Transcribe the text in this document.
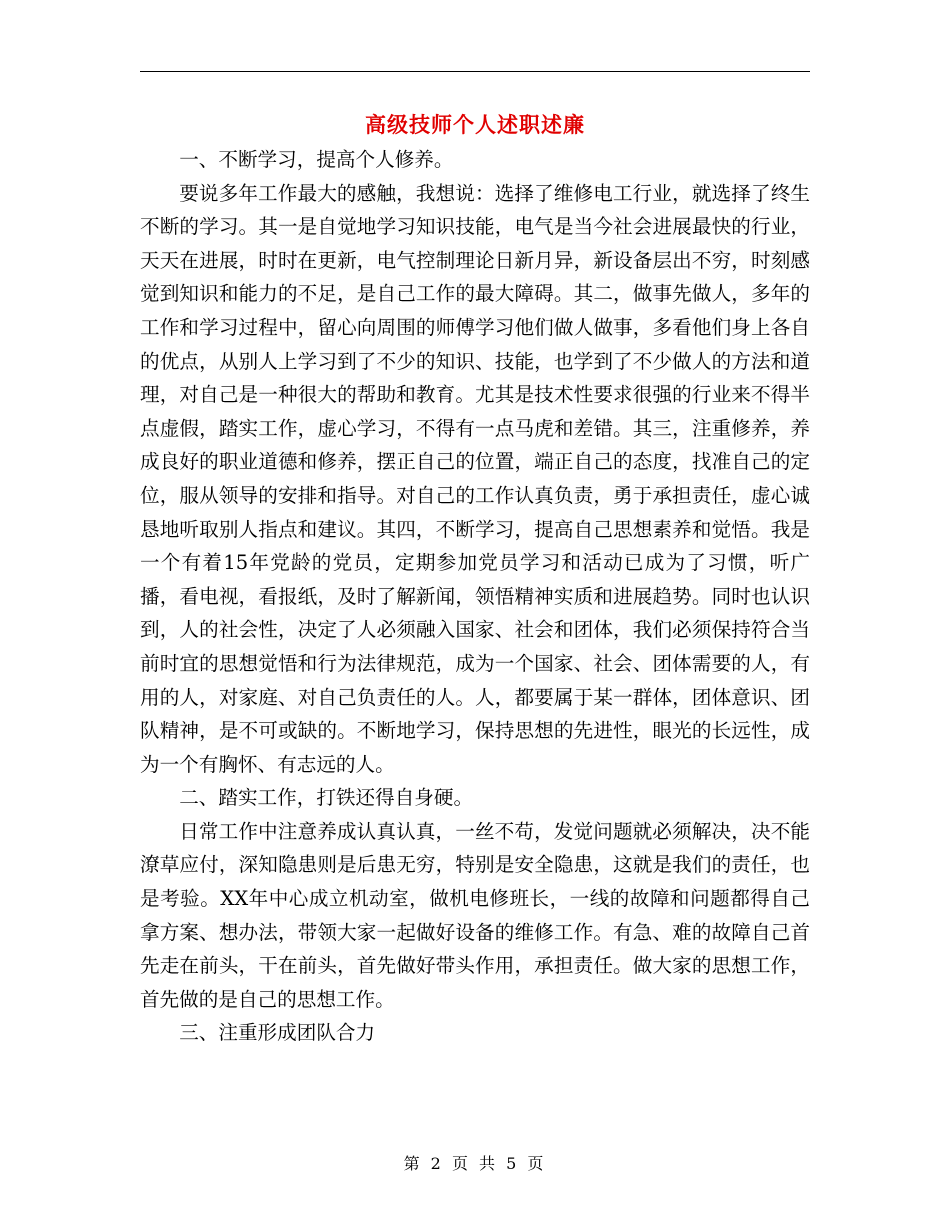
高级技师个人述职述廉

一、不断学习，提高个人修养。

要说多年工作最大的感触，我想说：选择了维修电工行业，就选择了终生不断的学习。其一是自觉地学习知识技能，电气是当今社会进展最快的行业，天天在进展，时时在更新，电气控制理论日新月异，新设备层出不穷，时刻感觉到知识和能力的不足，是自己工作的最大障碍。其二，做事先做人，多年的工作和学习过程中，留心向周围的师傅学习他们做人做事，多看他们身上各自的优点，从别人上学习到了不少的知识、技能，也学到了不少做人的方法和道理，对自己是一种很大的帮助和教育。尤其是技术性要求很强的行业来不得半点虚假，踏实工作，虚心学习，不得有一点马虎和差错。其三，注重修养，养成良好的职业道德和修养，摆正自己的位置，端正自己的态度，找准自己的定位，服从领导的安排和指导。对自己的工作认真负责，勇于承担责任，虚心诚恳地听取别人指点和建议。其四，不断学习，提高自己思想素养和觉悟。我是一个有着15年党龄的党员，定期参加党员学习和活动已成为了习惯，听广播，看电视，看报纸，及时了解新闻，领悟精神实质和进展趋势。同时也认识到，人的社会性，决定了人必须融入国家、社会和团体，我们必须保持符合当前时宜的思想觉悟和行为法律规范，成为一个国家、社会、团体需要的人，有用的人，对家庭、对自己负责任的人。人，都要属于某一群体，团体意识、团队精神，是不可或缺的。不断地学习，保持思想的先进性，眼光的长远性，成为一个有胸怀、有志远的人。

二、踏实工作，打铁还得自身硬。

日常工作中注意养成认真认真，一丝不苟，发觉问题就必须解决，决不能潦草应付，深知隐患则是后患无穷，特别是安全隐患，这就是我们的责任，也是考验。XX年中心成立机动室，做机电修班长，一线的故障和问题都得自己拿方案、想办法，带领大家一起做好设备的维修工作。有急、难的故障自己首先走在前头，干在前头，首先做好带头作用，承担责任。做大家的思想工作，首先做的是自己的思想工作。

三、注重形成团队合力

第 2 页 共 5 页
